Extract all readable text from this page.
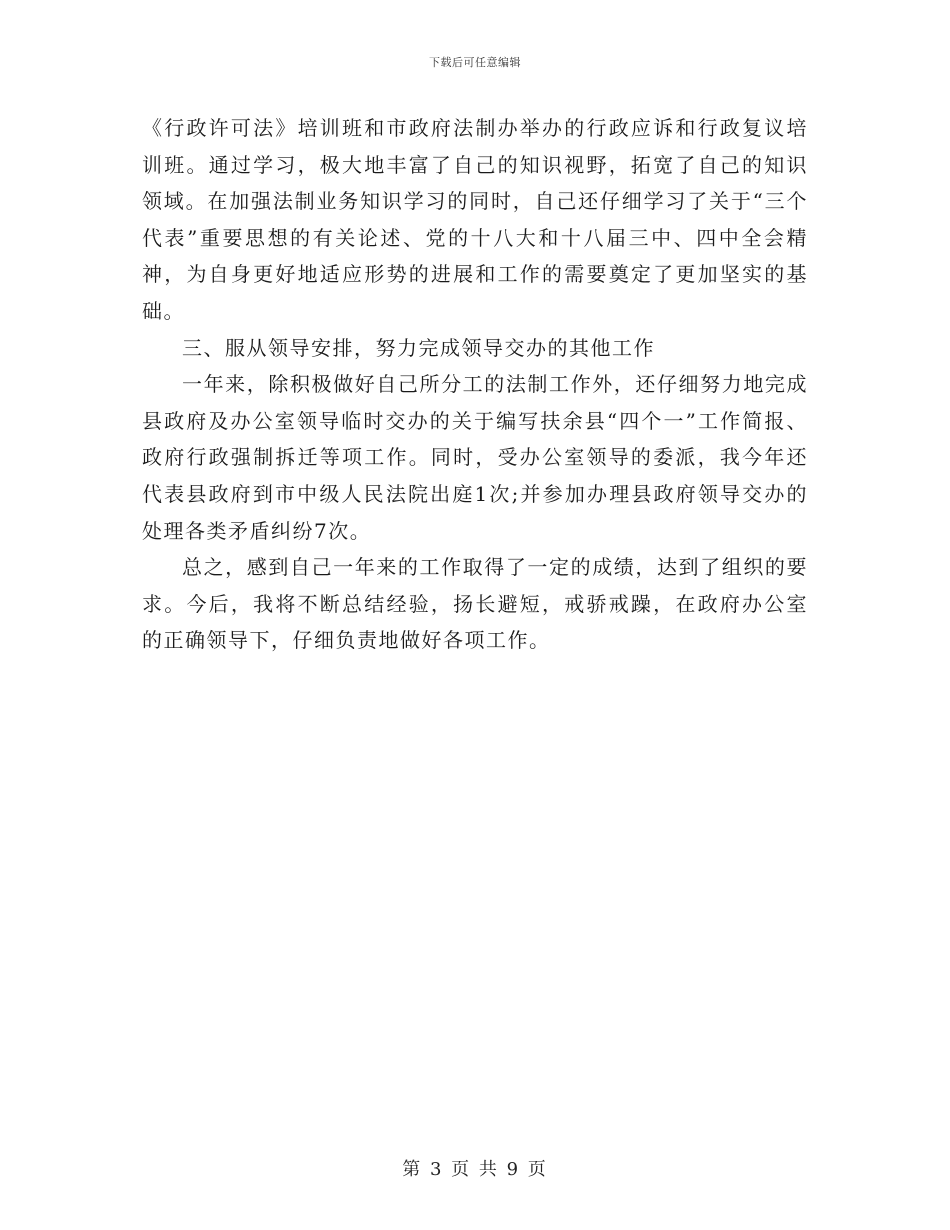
下载后可任意编辑

《行政许可法》培训班和市政府法制办举办的行政应诉和行政复议培训班。通过学习，极大地丰富了自己的知识视野，拓宽了自己的知识领域。在加强法制业务知识学习的同时，自己还仔细学习了关于“三个代表”重要思想的有关论述、党的十八大和十八届三中、四中全会精神，为自身更好地适应形势的进展和工作的需要奠定了更加坚实的基础。

三、服从领导安排，努力完成领导交办的其他工作

一年来，除积极做好自己所分工的法制工作外，还仔细努力地完成县政府及办公室领导临时交办的关于编写扶余县“四个一”工作简报、政府行政强制拆迁等项工作。同时，受办公室领导的委派，我今年还代表县政府到市中级人民法院出庭1次;并参加办理县政府领导交办的处理各类矛盾纠纷7次。

总之，感到自己一年来的工作取得了一定的成绩，达到了组织的要求。今后，我将不断总结经验，扬长避短，戒骄戒躁，在政府办公室的正确领导下，仔细负责地做好各项工作。

第 3 页 共 9 页
